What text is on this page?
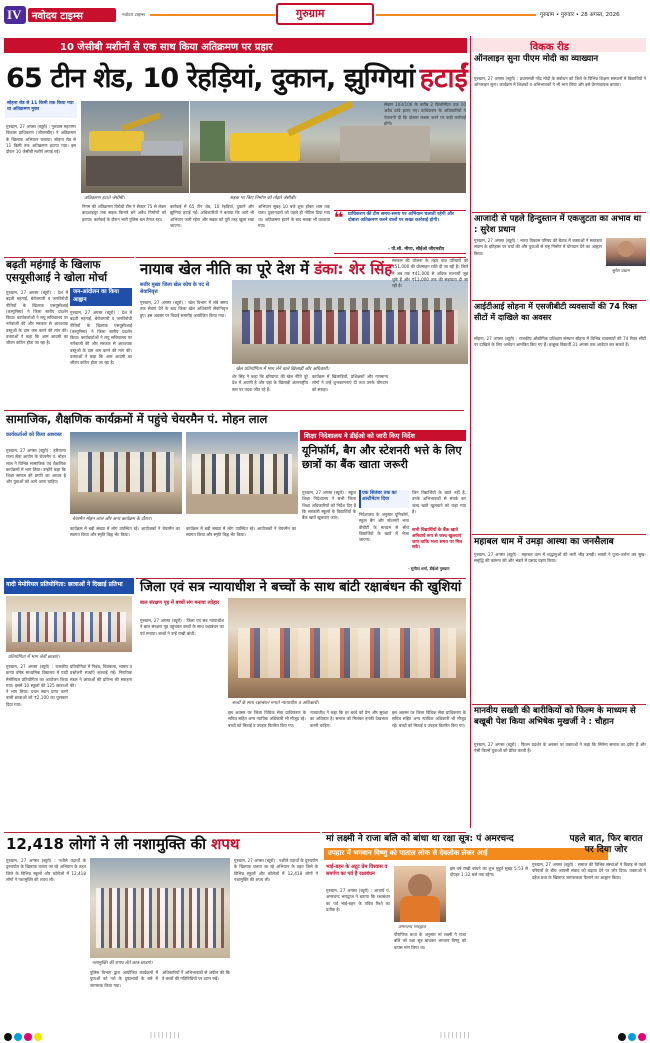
IV नवोदय टाइम्स	नवोदय टाइम्स	गुरुग्राम	गुरुग्राम • गुरुवार • 28 अगस्त, 2026
10 जेसीबी मशीनों से एक साथ किया अतिक्रमण पर प्रहार
65 टीन शेड, 10 रेहड़ियां, दुकान, झुग्गियां हटाईं
सोहना रोड से 11 किमी तक किया गया था अतिक्रमण मुक्त
गुरुग्राम, 27 अगस्त (ब्यूरो) : गुरुग्राम महानगर विकास प्राधिकरण (जीएमडीए) ने अतिक्रमण के खिलाफ अभियान चलाया। सोहना रोड से 11 किमी तक अतिक्रमण हटाया गया। इस दौरान 10 जेसीबी मशीनें लगाई गईं।
अतिक्रमण हटाते जेसीबी।	सड़क पर किए निर्माण को तोड़ते जेसीबी।
निगम की अतिक्रमण विरोधी टीम ने सेक्टर 75 से लेकर बादशाहपुर तक सड़क किनारे बने अवैध निर्माणों को हटाया। कार्रवाई के दौरान भारी पुलिस बल तैनात रहा।
कार्रवाई में 65 टीन शेड, 10 रेहड़ियां, दुकानें और झुग्गियां हटाई गईं। अधिकारियों ने बताया कि आगे भी अभियान जारी रहेगा और सड़क को पूरी तरह खुला रखा जाएगा।
अभियान सुबह 10 बजे शुरू होकर शाम तक चला। दुकानदारों को पहले ही नोटिस दिया गया था। अतिक्रमण हटाने के बाद मलबा भी उठवाया गया।
सेक्टर 103/106 के करीब 2 किलोमीटर तक 10 अवैध ढांचे हटाए गए। प्राधिकरण के अधिकारियों ने चेतावनी दी कि दोबारा कब्जा करने पर कड़ी कार्रवाई होगी।
❝ प्राधिकरण की टीम समय-समय पर अभियान चलाती रहेगी और दोबारा अतिक्रमण करने वालों पर सख्त कार्रवाई होगी।
- पी.सी. मीणा, सीईओ जीएमडीए
बढ़ती महंगाई के खिलाफ एसयूसीआई ने खोला मोर्चा
जन-आंदोलन का किया आह्वान
गुरुग्राम, 27 अगस्त (ब्यूरो) : देश में बढ़ती महंगाई, बेरोजगारी व जनविरोधी नीतियों के खिलाफ एसयूसीआई (कम्युनिस्ट) ने जिला स्तरीय प्रदर्शन किया। कार्यकर्ताओं ने लघु सचिवालय पर नारेबाजी की और सरकार से आवश्यक वस्तुओं के दाम कम करने की मांग की। वक्ताओं ने कहा कि आम आदमी का जीवन कठिन होता जा रहा है।
गुरुग्राम, 27 अगस्त (ब्यूरो) : देश में बढ़ती महंगाई, बेरोजगारी व जनविरोधी नीतियों के खिलाफ एसयूसीआई (कम्युनिस्ट) ने जिला स्तरीय प्रदर्शन किया। कार्यकर्ताओं ने लघु सचिवालय पर नारेबाजी की और सरकार से आवश्यक वस्तुओं के दाम कम करने की मांग की। वक्ताओं ने कहा कि आम आदमी का जीवन कठिन होता जा रहा है।
नायाब खेल नीति का पूरे देश में डंका: शेर सिंह
बजीर मुख्य जिला खेल कोच के पद से सेवानिवृत्त
गुरुग्राम, 27 अगस्त (ब्यूरो) : खेल विभाग में लंबे समय तक सेवाएं देने के बाद जिला खेल अधिकारी सेवानिवृत्त हुए। इस अवसर पर विदाई समारोह आयोजित किया गया।
खेल प्रतियोगिता में भाग लेने वाले खिलाड़ी और अधिकारी।
शेर सिंह ने कहा कि हरियाणा की खेल नीति पूरे देश में अग्रणी है और यहां के खिलाड़ी अंतरराष्ट्रीय स्तर पर पदक जीत रहे हैं।
कार्यक्रम में खिलाड़ियों, प्रशिक्षकों और गणमान्य लोगों ने उन्हें शुभकामनाएं दीं तथा उनके योगदान को सराहा।
सरकार की योजना के तहत पात्र परिवारों को ₹51,000 की प्रोत्साहन राशि दी जा रही है। जिले में अब तक ₹41,000 से अधिक लाभार्थी जुड़ चुके हैं और ₹11,000 तक की सहायता दी जा रही है।
सामाजिक, शैक्षणिक कार्यक्रमों में पहुंचे चेयरमैन पं. मोहन लाल
कार्यकर्ताओं को किया आश्वस्त
गुरुग्राम, 27 अगस्त (ब्यूरो) : हरियाणा राज्य सेवा आयोग के चेयरमैन पं. मोहन लाल ने विभिन्न सामाजिक एवं शैक्षणिक कार्यक्रमों में भाग लिया। उन्होंने कहा कि शिक्षा समाज की प्रगति का आधार है और युवाओं को आगे आना चाहिए।
चेयरमैन मोहन लाल और अन्य कार्यक्रम के दौरान।
कार्यक्रम में बड़ी संख्या में लोग उपस्थित रहे। आयोजकों ने चेयरमैन का स्वागत किया और स्मृति चिह्न भेंट किया।
कार्यक्रम में बड़ी संख्या में लोग उपस्थित रहे। आयोजकों ने चेयरमैन का स्वागत किया और स्मृति चिह्न भेंट किया।
शिक्षा निदेशालय ने डीईओ को जारी किए निर्देश
यूनिफॉर्म, बैग और स्टेशनरी भत्ते के लिए छात्रों का बैंक खाता जरूरी
गुरुग्राम, 27 अगस्त (ब्यूरो) : स्कूल शिक्षा निदेशालय ने सभी जिला शिक्षा अधिकारियों को निर्देश दिए हैं कि सरकारी स्कूलों के विद्यार्थियों के बैंक खाते खुलवाए जाएं।
एक सितंबर तक का अल्टीमेटम दिया
निदेशालय के अनुसार यूनिफॉर्म, स्कूल बैग और स्टेशनरी भत्ता डीबीटी के माध्यम से सीधे विद्यार्थियों के खाते में भेजा जाएगा।
जिन विद्यार्थियों के खाते नहीं हैं, उनके अभिभावकों से संपर्क कर जल्द खाते खुलवाने को कहा गया है।
सभी विद्यार्थियों के बैंक खाते अनिवार्य रूप से जल्द खुलवाएं जाएं ताकि भत्ता समय पर मिल सके।
- सुनीता शर्मा, डीईओ गुरुग्राम
यादी मेमोरियल प्रतियोगिता: छात्राओं ने दिखाई प्रतिभा
प्रतियोगिता में भाग लेती छात्राएं।
गुरुग्राम, 27 अगस्त (ब्यूरो) : राजकीय कन्या वरिष्ठ माध्यमिक विद्यालय में यादी मेमोरियल प्रतियोगिता का आयोजन किया गया। इसमें 10 स्कूलों की 125 छात्राओं ने भाग लिया। प्रथम स्थान प्राप्त करने वाली छात्राओं को ₹2,100 का पुरस्कार दिया गया।
प्रतियोगिता में निबंध, चित्रकला, भाषण व प्रश्नोत्तरी स्पर्धाएं करवाई गईं। निर्णायक मंडल ने छात्राओं की प्रतिभा की सराहना की।
जिला एवं सत्र न्यायाधीश ने बच्चों के साथ बांटी रक्षाबंधन की खुशियां
बाल संरक्षण गृह में बच्चों संग मनाया त्योहार
गुरुग्राम, 27 अगस्त (ब्यूरो) : जिला एवं सत्र न्यायाधीश ने बाल संरक्षण गृह पहुंचकर बच्चों के साथ रक्षाबंधन का पर्व मनाया। बच्चों ने उन्हें राखी बांधी।
बच्चों के साथ रक्षाबंधन मनाते न्यायाधीश व अधिकारी।
इस अवसर पर जिला विधिक सेवा प्राधिकरण के सचिव सहित अन्य न्यायिक अधिकारी भी मौजूद रहे। बच्चों को मिठाई व उपहार वितरित किए गए।
न्यायाधीश ने कहा कि हर बच्चे को प्रेम और सुरक्षा का अधिकार है। समाज को मिलकर इनकी देखभाल करनी चाहिए।
इस अवसर पर जिला विधिक सेवा प्राधिकरण के सचिव सहित अन्य न्यायिक अधिकारी भी मौजूद रहे। बच्चों को मिठाई व उपहार वितरित किए गए।
12,418 लोगों ने ली नशामुक्ति की शपथ
गुरुग्राम, 27 अगस्त (ब्यूरो) : नशीले पदार्थों के दुरुपयोग के खिलाफ चलाए जा रहे अभियान के तहत जिले के विभिन्न स्कूलों और कॉलेजों में 12,418 लोगों ने नशामुक्ति की शपथ ली।
नशामुक्ति की शपथ लेते छात्र-छात्राएं।
पुलिस विभाग द्वारा आयोजित कार्यक्रमों में युवाओं को नशे के दुष्प्रभावों के बारे में जागरूक किया गया।
अधिकारियों ने अभिभावकों से अपील की कि वे बच्चों की गतिविधियों पर ध्यान रखें।
गुरुग्राम, 27 अगस्त (ब्यूरो) : नशीले पदार्थों के दुरुपयोग के खिलाफ चलाए जा रहे अभियान के तहत जिले के विभिन्न स्कूलों और कॉलेजों में 12,418 लोगों ने नशामुक्ति की शपथ ली।
मां लक्ष्मी ने राजा बलि को बांधा था रक्षा सूत्र: पं अमरचन्द
उपहार में भगवान विष्णु को पाताल लोक से देवलोक लेकर आईं
भाई-बहन के अटूट प्रेम विश्वास व समर्पण का पर्व है रक्षाबंधन
गुरुग्राम, 27 अगस्त (ब्यूरो) : आचार्य पं. अमरचन्द भारद्वाज ने बताया कि रक्षाबंधन का पर्व भाई-बहन के पवित्र रिश्ते का प्रतीक है।
अमरचन्द भारद्वाज
पौराणिक कथा के अनुसार मां लक्ष्मी ने राजा बलि को रक्षा सूत्र बांधकर भगवान विष्णु को वापस मांग लिया था।
इस वर्ष राखी बांधने का शुभ मुहूर्त सुबह 5:53 से दोपहर 1:32 बजे तक रहेगा।
पहले बात, फिर बारात पर दिया जोर
गुरुग्राम, 27 अगस्त (ब्यूरो) : समाज की विभिन्न संस्थाओं ने विवाह से पहले परिवारों के बीच आपसी संवाद को बढ़ावा देने पर जोर दिया। वक्ताओं ने दहेज प्रथा के खिलाफ जागरूकता फैलाने का आह्वान किया।
विकक रीड
ऑनलाइन सुना पीएम मोदी का व्याख्यान
गुरुग्राम, 27 अगस्त (ब्यूरो) : प्रधानमंत्री नरेंद्र मोदी के संबोधन को जिले के विभिन्न शिक्षण संस्थानों में विद्यार्थियों ने ऑनलाइन सुना। कार्यक्रम में शिक्षकों व अभिभावकों ने भी भाग लिया और इसे प्रेरणादायक बताया।
आजादी से पहले हिन्दुस्तान में एकजुटता का अभाव था : सुरेश प्रधान
सुरेश प्रधान
गुरुग्राम, 27 अगस्त (ब्यूरो) : भारत विकास परिषद की बैठक में वक्ताओं ने स्वतंत्रता संग्राम के इतिहास पर चर्चा की और युवाओं से राष्ट्र निर्माण में योगदान देने का आह्वान किया।
आईटीआई सोहना में एसजीबीटी व्यवसायों की 74 रिक्त सीटों में दाखिले का अवसर
सोहना, 27 अगस्त (ब्यूरो) : राजकीय औद्योगिक प्रशिक्षण संस्थान सोहना में विभिन्न व्यवसायों की 74 रिक्त सीटों पर दाखिले के लिए आवेदन आमंत्रित किए गए हैं। इच्छुक विद्यार्थी 31 अगस्त तक आवेदन कर सकते हैं।
महाबल धाम में उमड़ा आस्था का जनसैलाब
गुरुग्राम, 27 अगस्त (ब्यूरो) : महाबल धाम में श्रद्धालुओं की भारी भीड़ उमड़ी। भक्तों ने पूजा-अर्चना कर सुख-समृद्धि की कामना की और भंडारे में प्रसाद ग्रहण किया।
मानवीय सख्ती की बारीकियों को फिल्म के माध्यम से बखूबी पेश किया अभिषेक मुखर्जी ने : चौहान
गुरुग्राम, 27 अगस्त (ब्यूरो) : फिल्म प्रदर्शन के अवसर पर वक्ताओं ने कहा कि सिनेमा समाज का दर्पण है और ऐसी फिल्में युवाओं को प्रेरित करती हैं।
| | | | | | | |	| | | | | | | |
